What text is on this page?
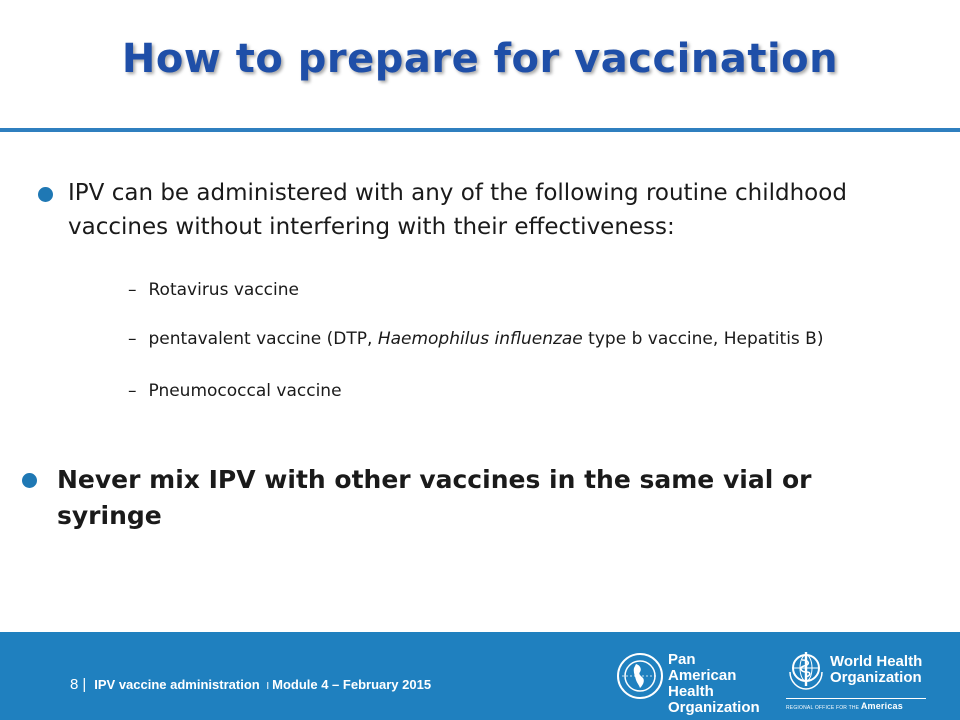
How to prepare for vaccination
IPV can be administered with any of the following routine childhood vaccines without interfering with their effectiveness:
– Rotavirus vaccine
– pentavalent vaccine (DTP, Haemophilus influenzae type b vaccine, Hepatitis B)
– Pneumococcal vaccine
Never mix IPV with other vaccines in the same vial or syringe
8 | IPV vaccine administration I Module 4 – February 2015
Pan American
Health
Organization
World Health
Organization
REGIONAL OFFICE FOR THE Americas
